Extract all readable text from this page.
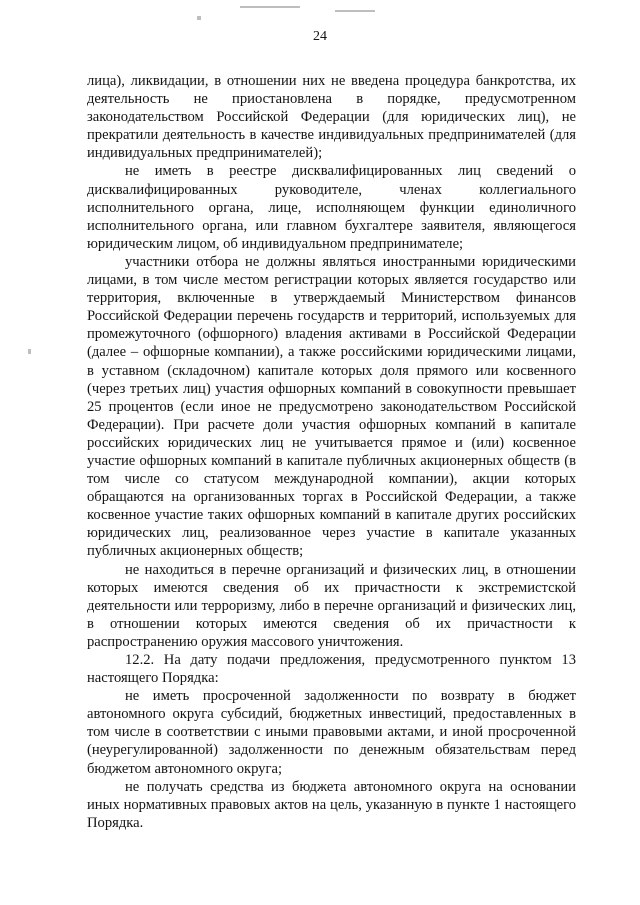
24

лица), ликвидации, в отношении них не введена процедура банкротства, их деятельность не приостановлена в порядке, предусмотренном законодательством Российской Федерации (для юридических лиц), не прекратили деятельность в качестве индивидуальных предпринимателей (для индивидуальных предпринимателей);

не иметь в реестре дисквалифицированных лиц сведений о дисквалифицированных руководителе, членах коллегиального исполнительного органа, лице, исполняющем функции единоличного исполнительного органа, или главном бухгалтере заявителя, являющегося юридическим лицом, об индивидуальном предпринимателе;

участники отбора не должны являться иностранными юридическими лицами, в том числе местом регистрации которых является государство или территория, включенные в утверждаемый Министерством финансов Российской Федерации перечень государств и территорий, используемых для промежуточного (офшорного) владения активами в Российской Федерации (далее – офшорные компании), а также российскими юридическими лицами, в уставном (складочном) капитале которых доля прямого или косвенного (через третьих лиц) участия офшорных компаний в совокупности превышает 25 процентов (если иное не предусмотрено законодательством Российской Федерации). При расчете доли участия офшорных компаний в капитале российских юридических лиц не учитывается прямое и (или) косвенное участие офшорных компаний в капитале публичных акционерных обществ (в том числе со статусом международной компании), акции которых обращаются на организованных торгах в Российской Федерации, а также косвенное участие таких офшорных компаний в капитале других российских юридических лиц, реализованное через участие в капитале указанных публичных акционерных обществ;

не находиться в перечне организаций и физических лиц, в отношении которых имеются сведения об их причастности к экстремистской деятельности или терроризму, либо в перечне организаций и физических лиц, в отношении которых имеются сведения об их причастности к распространению оружия массового уничтожения.

12.2. На дату подачи предложения, предусмотренного пунктом 13 настоящего Порядка:

не иметь просроченной задолженности по возврату в бюджет автономного округа субсидий, бюджетных инвестиций, предоставленных в том числе в соответствии с иными правовыми актами, и иной просроченной (неурегулированной) задолженности по денежным обязательствам перед бюджетом автономного округа;

не получать средства из бюджета автономного округа на основании иных нормативных правовых актов на цель, указанную в пункте 1 настоящего Порядка.
